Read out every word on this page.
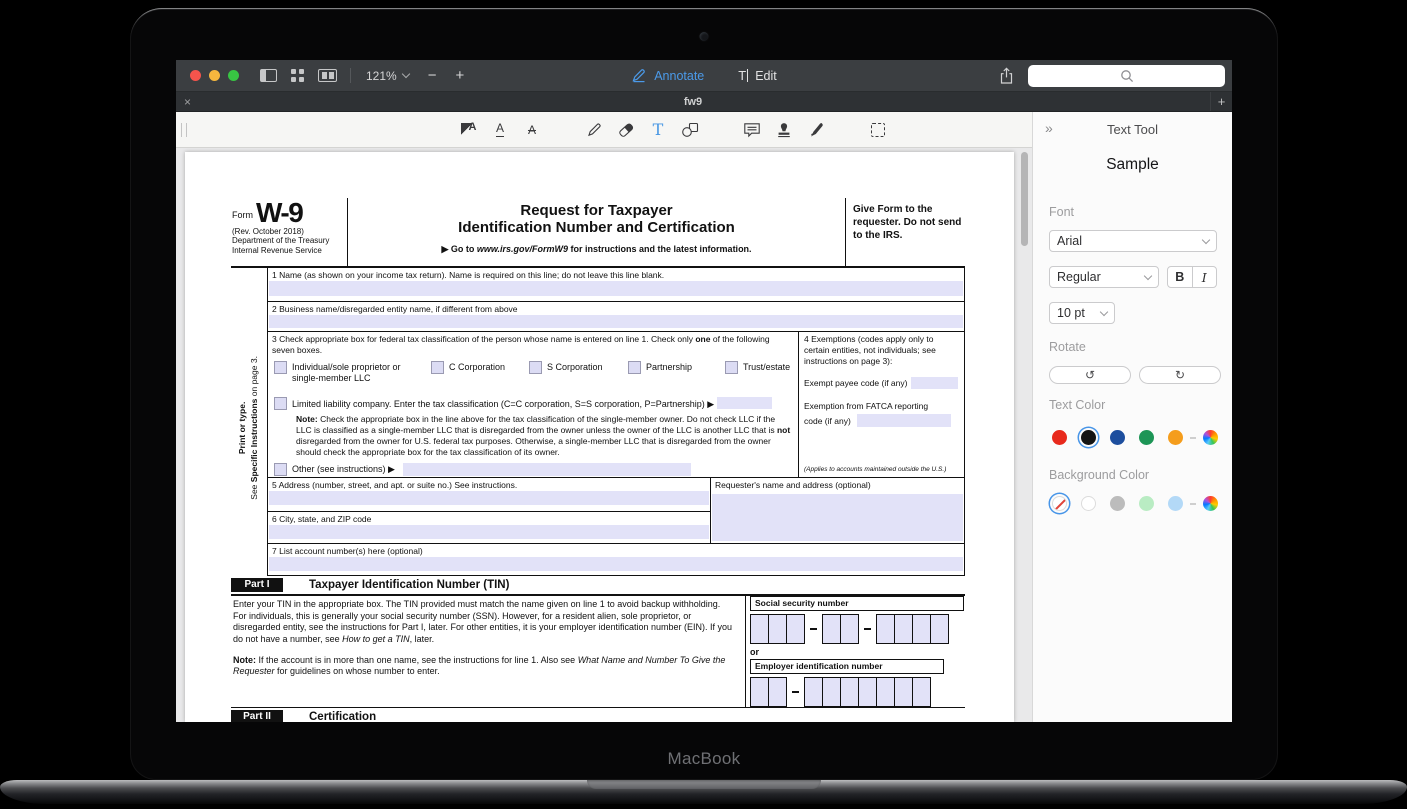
121% − +	Annotate	T Edit
×	fw9	+
A A A	T
Form W-9
(Rev. October 2018)
Department of the Treasury
Internal Revenue Service
Request for Taxpayer
Identification Number and Certification
▶ Go to www.irs.gov/FormW9 for instructions and the latest information.
Give Form to the requester. Do not send to the IRS.
Print or type.
See Specific Instructions on page 3.
1 Name (as shown on your income tax return). Name is required on this line; do not leave this line blank.
2 Business name/disregarded entity name, if different from above
3 Check appropriate box for federal tax classification of the person whose name is entered on line 1. Check only one of the following seven boxes.
Individual/sole proprietor or single-member LLC
C Corporation	S Corporation	Partnership	Trust/estate
Limited liability company. Enter the tax classification (C=C corporation, S=S corporation, P=Partnership) ▶
Note: Check the appropriate box in the line above for the tax classification of the single-member owner. Do not check LLC if the LLC is classified as a single-member LLC that is disregarded from the owner unless the owner of the LLC is another LLC that is not disregarded from the owner for U.S. federal tax purposes. Otherwise, a single-member LLC that is disregarded from the owner should check the appropriate box for the tax classification of its owner.
Other (see instructions) ▶
4 Exemptions (codes apply only to certain entities, not individuals; see instructions on page 3):
Exempt payee code (if any)
Exemption from FATCA reporting
code (if any)
(Applies to accounts maintained outside the U.S.)
5 Address (number, street, and apt. or suite no.) See instructions.
6 City, state, and ZIP code
Requester's name and address (optional)
7 List account number(s) here (optional)
Part I	Taxpayer Identification Number (TIN)
Enter your TIN in the appropriate box. The TIN provided must match the name given on line 1 to avoid backup withholding. For individuals, this is generally your social security number (SSN). However, for a resident alien, sole proprietor, or disregarded entity, see the instructions for Part I, later. For other entities, it is your employer identification number (EIN). If you do not have a number, see How to get a TIN, later.
Note: If the account is in more than one name, see the instructions for line 1. Also see What Name and Number To Give the Requester for guidelines on whose number to enter.
Social security number
or
Employer identification number
Part II	Certification
»	Text Tool
Sample
Font
Arial
Regular	B	I
10 pt
Rotate
↺	↻
Text Color
Background Color
MacBook
